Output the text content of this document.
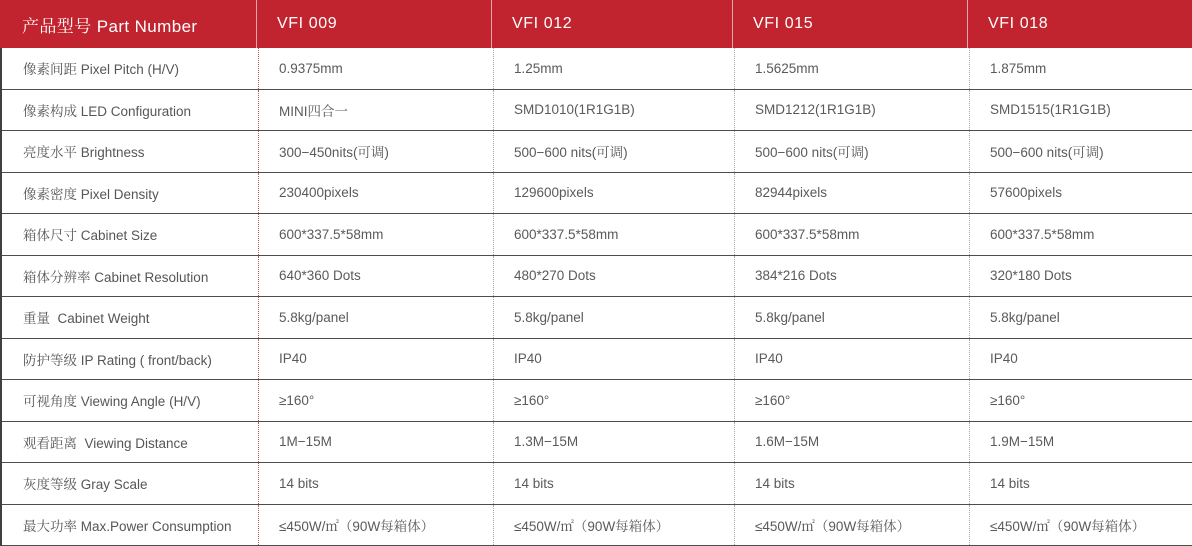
产品型号 Part Number	VFI 009	VFI 012	VFI 015	VFI 018
像素间距 Pixel Pitch (H/V)	0.9375mm	1.25mm	1.5625mm	1.875mm
像素构成 LED Configuration	MINI四合一	SMD1010(1R1G1B)	SMD1212(1R1G1B)	SMD1515(1R1G1B)
亮度水平 Brightness	300−450nits(可调)	500−600 nits(可调)	500−600 nits(可调)	500−600 nits(可调)
像素密度 Pixel Density	230400pixels	129600pixels	82944pixels	57600pixels
箱体尺寸 Cabinet Size	600*337.5*58mm	600*337.5*58mm	600*337.5*58mm	600*337.5*58mm
箱体分辨率 Cabinet Resolution	640*360 Dots	480*270 Dots	384*216 Dots	320*180 Dots
重量  Cabinet Weight	5.8kg/panel	5.8kg/panel	5.8kg/panel	5.8kg/panel
防护等级 IP Rating ( front/back)	IP40	IP40	IP40	IP40
可视角度 Viewing Angle (H/V)	≥160°	≥160°	≥160°	≥160°
观看距离  Viewing Distance	1M−15M	1.3M−15M	1.6M−15M	1.9M−15M
灰度等级 Gray Scale	14 bits	14 bits	14 bits	14 bits
最大功率 Max.Power Consumption	≤450W/㎡（90W每箱体）	≤450W/㎡（90W每箱体）	≤450W/㎡（90W每箱体）	≤450W/㎡（90W每箱体）
